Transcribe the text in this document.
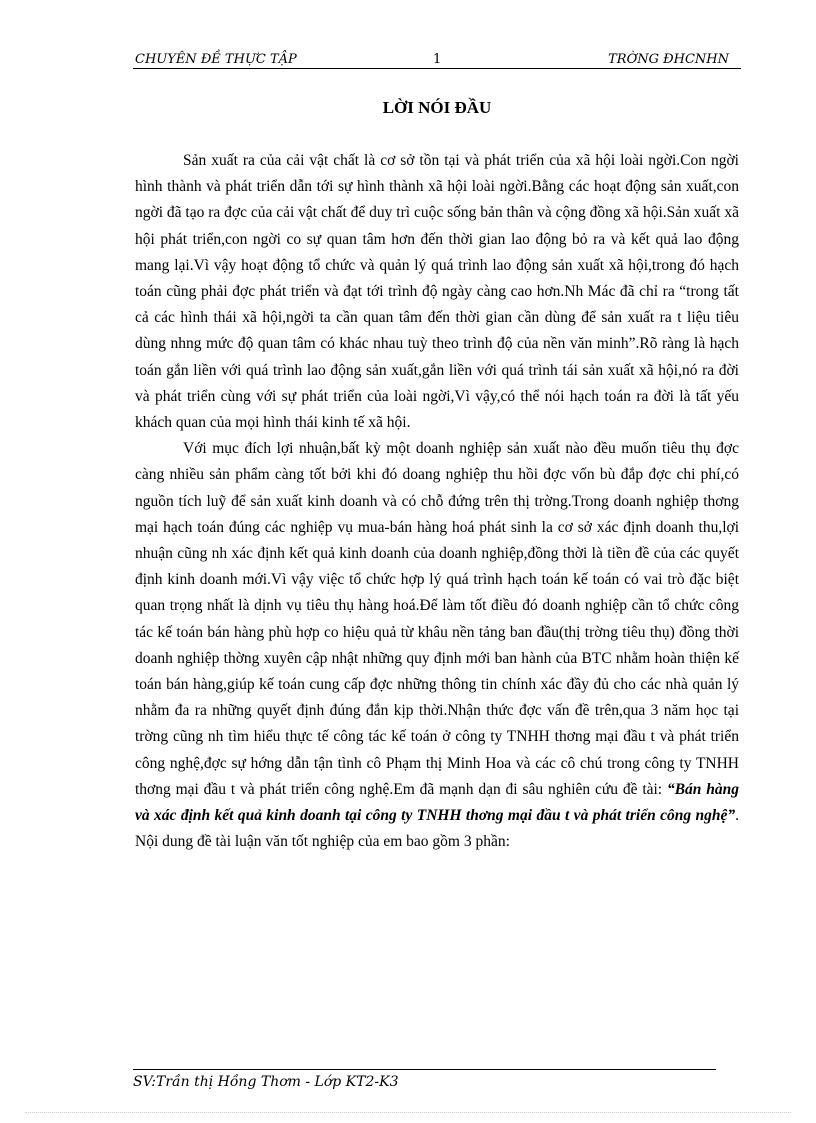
CHUYÊN ĐỀ THỰC TẬP	1	TRỜNG ĐHCNHN
LỜI NÓI ĐẦU

Sản xuất ra của cải vật chất là cơ sở tồn tại và phát triển của xã hội loài ngời.Con ngời hình thành và phát triển dẫn tới sự hình thành xã hội loài ngời.Bằng các hoạt động sản xuất,con ngời đã tạo ra đợc của cải vật chất để duy trì cuộc sống bản thân và cộng đồng xã hội.Sản xuất xã hội phát triển,con ngời co sự quan tâm hơn đến thời gian lao động bỏ ra và kết quả lao động mang lại.Vì vậy hoạt động tổ chức và quản lý quá trình lao động sản xuất xã hội,trong đó hạch toán cũng phải đợc phát triển và đạt tới trình độ ngày càng cao hơn.Nh Mác đã chỉ ra “trong tất cả các hình thái xã hội,ngời ta cần quan tâm đến thời gian cần dùng để sản xuất ra t liệu tiêu dùng nhng mức độ quan tâm có khác nhau tuỳ theo trình độ của nền văn minh”.Rõ ràng là hạch toán gắn liền với quá trình lao động sản xuất,gắn liền với quá trình tái sản xuất xã hội,nó ra đời và phát triển cùng với sự phát triển của loài ngời,Vì vậy,có thể nói hạch toán ra đời là tất yếu khách quan của mọi hình thái kinh tế xã hội.

Với mục đích lợi nhuận,bất kỳ một doanh nghiệp sản xuất nào đều muốn tiêu thụ đợc càng nhiều sản phẩm càng tốt bởi khi đó doang nghiệp thu hồi đợc vốn bù đắp đợc chi phí,có nguồn tích luỹ để sản xuất kinh doanh và có chỗ đứng trên thị trờng.Trong doanh nghiệp thơng mại hạch toán đúng các nghiệp vụ mua-bán hàng hoá phát sinh la cơ sở xác định doanh thu,lợi nhuận cũng nh xác định kết quả kinh doanh của doanh nghiệp,đồng thời là tiền đề của các quyết định kinh doanh mới.Vì vậy việc tổ chức hợp lý quá trình hạch toán kế toán có vai trò đặc biệt quan trọng nhất là dịnh vụ tiêu thụ hàng hoá.Để làm tốt điều đó doanh nghiệp cần tổ chức công tác kế toán bán hàng phù hợp co hiệu quả từ khâu nền tảng ban đầu(thị trờng tiêu thụ) đồng thời doanh nghiệp thờng xuyên cập nhật những quy định mới ban hành của BTC nhằm hoàn thiện kế toán bán hàng,giúp kế toán cung cấp đợc những thông tin chính xác đầy đủ cho các nhà quản lý nhằm đa ra những quyết định đúng đắn kịp thời.Nhận thức đợc vấn đề trên,qua 3 năm học tại trờng cũng nh tìm hiểu thực tế công tác kế toán ở công ty TNHH thơng mại đầu t và phát triển công nghệ,đợc sự hớng dẫn tận tình cô Phạm thị Minh Hoa và các cô chú trong công ty TNHH thơng mại đầu t và phát triển công nghệ.Em đã mạnh dạn đi sâu nghiên cứu đề tài: “Bán hàng và xác định kết quả kinh doanh tại công ty TNHH thơng mại đầu t và phát triển công nghệ”. Nội dung đề tài luận văn tốt nghiệp của em bao gồm 3 phần:

SV:Trần thị Hồng Thơm - Lớp KT2-K3
